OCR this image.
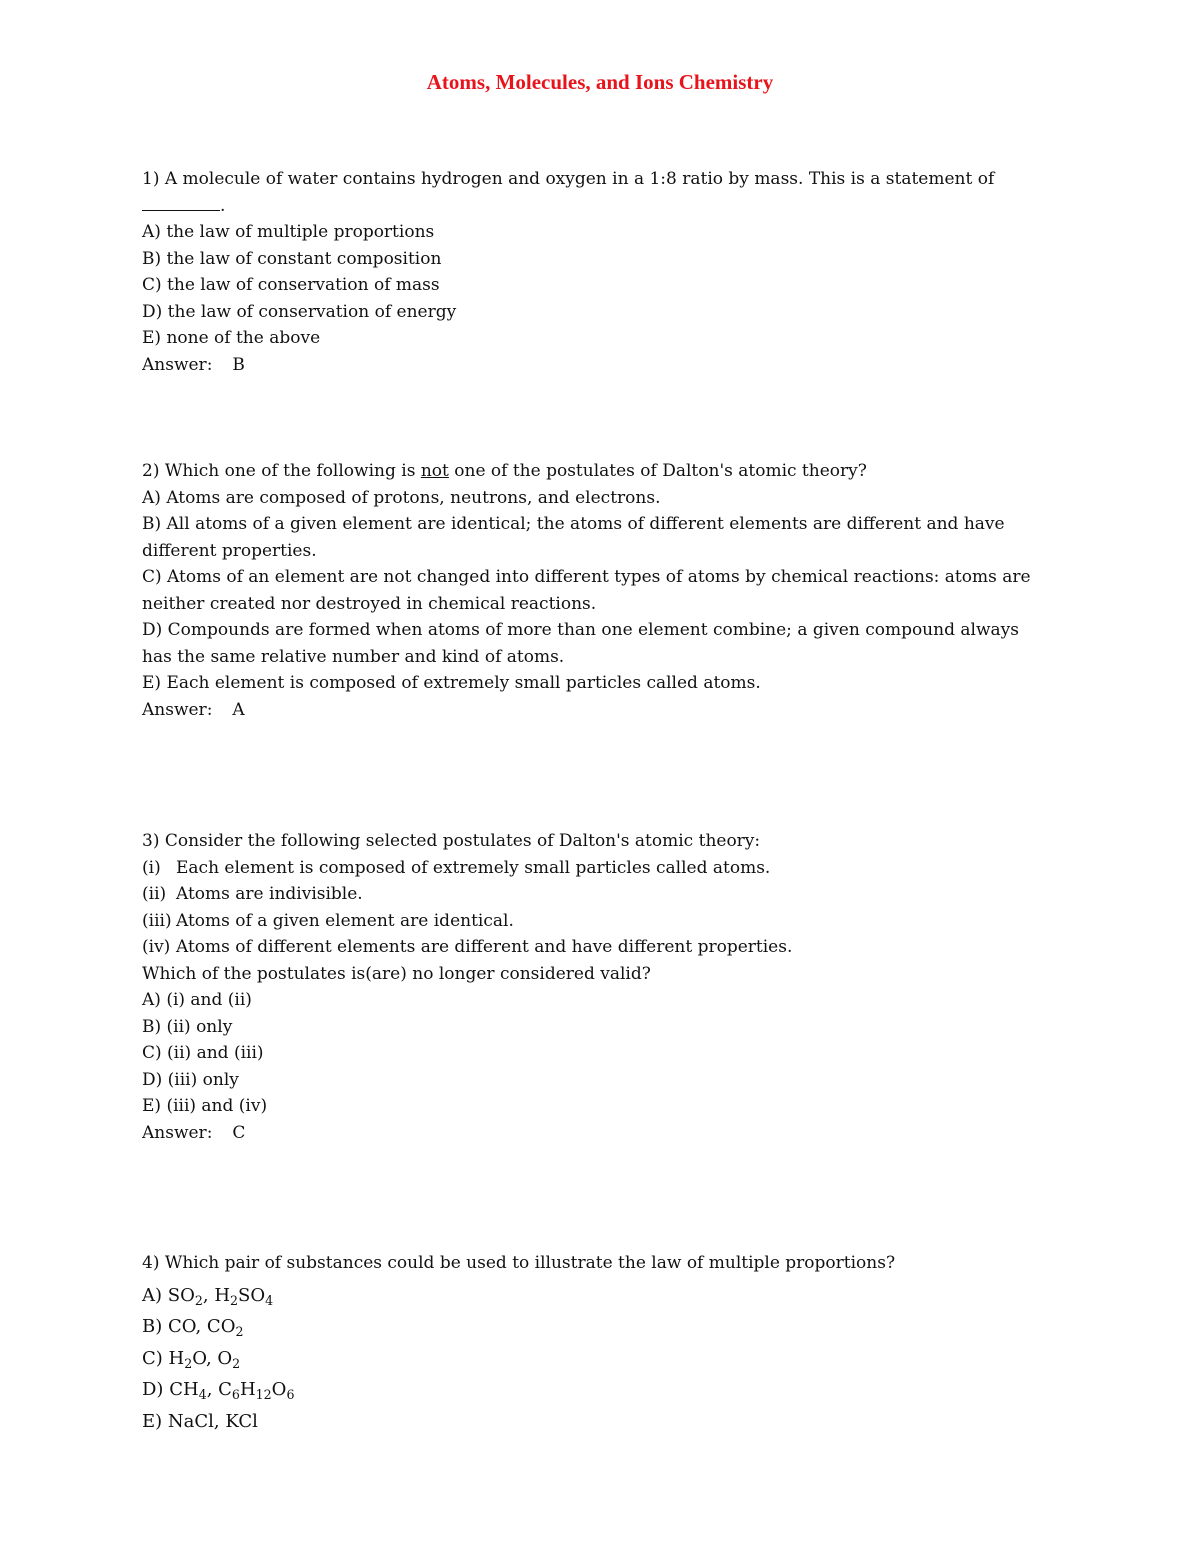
Atoms, Molecules, and Ions Chemistry
1) A molecule of water contains hydrogen and oxygen in a 1:8 ratio by mass. This is a statement of
.
A) the law of multiple proportions
B) the law of constant composition
C) the law of conservation of mass
D) the law of conservation of energy
E) none of the above
Answer: B
2) Which one of the following is not one of the postulates of Dalton's atomic theory?
A) Atoms are composed of protons, neutrons, and electrons.
B) All atoms of a given element are identical; the atoms of different elements are different and have different properties.
C) Atoms of an element are not changed into different types of atoms by chemical reactions: atoms are neither created nor destroyed in chemical reactions.
D) Compounds are formed when atoms of more than one element combine; a given compound always has the same relative number and kind of atoms.
E) Each element is composed of extremely small particles called atoms.
Answer: A
3) Consider the following selected postulates of Dalton's atomic theory:
(i) Each element is composed of extremely small particles called atoms.
(ii) Atoms are indivisible.
(iii) Atoms of a given element are identical.
(iv) Atoms of different elements are different and have different properties.
Which of the postulates is(are) no longer considered valid?
A) (i) and (ii)
B) (ii) only
C) (ii) and (iii)
D) (iii) only
E) (iii) and (iv)
Answer: C
4) Which pair of substances could be used to illustrate the law of multiple proportions?
A) $SO_2$, $H_2SO_4$
B) CO, $CO_2$
C) $H_2O$, $O_2$
D) $CH_4$, $C_6H_{12}O_6$
E) NaCl, KCl
